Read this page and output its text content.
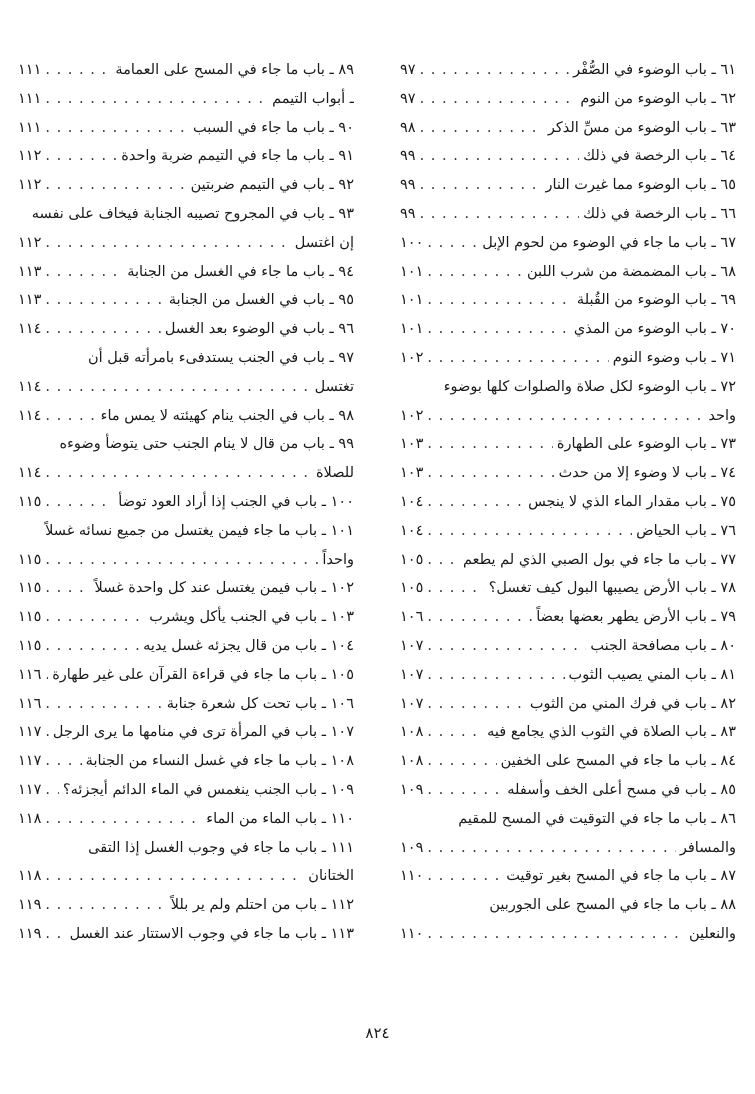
٦١ ـ باب الوضوء في الصُّفْر
. . .
٩٧
٦٢ ـ باب الوضوء من النوم
. . .
٩٧
٦٣ ـ باب الوضوء من مسِّ الذكر
. . .
٩٨
٦٤ ـ باب الرخصة في ذلك
. . .
٩٩
٦٥ ـ باب الوضوء مما غيرت النار
. . .
٩٩
٦٦ ـ باب الرخصة في ذلك
. . .
٩٩
٦٧ ـ باب ما جاء في الوضوء من لحوم الإبل
. . .
١٠٠
٦٨ ـ باب المضمضة من شرب اللبن
. . .
١٠١
٦٩ ـ باب الوضوء من القُبلة
. . .
١٠١
٧٠ ـ باب الوضوء من المذي
. . .
١٠١
٧١ ـ باب وضوء النوم
. . .
١٠٢
٧٢ ـ باب الوضوء لكل صلاة والصلوات كلها بوضوء
واحد
. . .
١٠٢
٧٣ ـ باب الوضوء على الطهارة
. . .
١٠٣
٧٤ ـ باب لا وضوء إلا من حدث
. . .
١٠٣
٧٥ ـ باب مقدار الماء الذي لا ينجس
. . .
١٠٤
٧٦ ـ باب الحياض
. . .
١٠٤
٧٧ ـ باب ما جاء في بول الصبي الذي لم يطعم
. . .
١٠٥
٧٨ ـ باب الأرض يصيبها البول كيف تغسل؟
. . .
١٠٥
٧٩ ـ باب الأرض يطهر بعضها بعضاً
. . .
١٠٦
٨٠ ـ باب مصافحة الجنب
. . .
١٠٧
٨١ ـ باب المني يصيب الثوب
. . .
١٠٧
٨٢ ـ باب في فرك المني من الثوب
. . .
١٠٧
٨٣ ـ باب الصلاة في الثوب الذي يجامع فيه
. . .
١٠٨
٨٤ ـ باب ما جاء في المسح على الخفين
. . .
١٠٨
٨٥ ـ باب في مسح أعلى الخف وأسفله
. . .
١٠٩
٨٦ ـ باب ما جاء في التوقيت في المسح للمقيم
والمسافر
. . .
١٠٩
٨٧ ـ باب ما جاء في المسح بغير توقيت
. . .
١١٠
٨٨ ـ باب ما جاء في المسح على الجوربين
والنعلين
. . .
١١٠
٨٩ ـ باب ما جاء في المسح على العمامة
. . .
١١١
ـ أبواب التيمم
. . .
١١١
٩٠ ـ باب ما جاء في السبب
. . .
١١١
٩١ ـ باب ما جاء في التيمم ضربة واحدة
. . .
١١٢
٩٢ ـ باب في التيمم ضربتين
. . .
١١٢
٩٣ ـ باب في المجروح تصيبه الجنابة فيخاف على نفسه
إن اغتسل
. . .
١١٢
٩٤ ـ باب ما جاء في الغسل من الجنابة
. . .
١١٣
٩٥ ـ باب في الغسل من الجنابة
. . .
١١٣
٩٦ ـ باب في الوضوء بعد الغسل
. . .
١١٤
٩٧ ـ باب في الجنب يستدفىء بامرأته قبل أن
تغتسل
. . .
١١٤
٩٨ ـ باب في الجنب ينام كهيئته لا يمس ماء
. . .
١١٤
٩٩ ـ باب من قال لا ينام الجنب حتى يتوضأ وضوءه
للصلاة
. . .
١١٤
١٠٠ ـ باب في الجنب إذا أراد العود توضأ
. . .
١١٥
١٠١ ـ باب ما جاء فيمن يغتسل من جميع نسائه غسلاً
واحداً
. . .
١١٥
١٠٢ ـ باب فيمن يغتسل عند كل واحدة غسلاً
. . .
١١٥
١٠٣ ـ باب في الجنب يأكل ويشرب
. . .
١١٥
١٠٤ ـ باب من قال يجزئه غسل يديه
. . .
١١٥
١٠٥ ـ باب ما جاء في قراءة القرآن على غير طهارة
. . .
١١٦
١٠٦ ـ باب تحت كل شعرة جنابة
. . .
١١٦
١٠٧ ـ باب في المرأة ترى في منامها ما يرى الرجل
. . .
١١٧
١٠٨ ـ باب ما جاء في غسل النساء من الجنابة
. . .
١١٧
١٠٩ ـ باب الجنب ينغمس في الماء الدائم أيجزئه؟
. . .
١١٧
١١٠ ـ باب الماء من الماء
. . .
١١٨
١١١ ـ باب ما جاء في وجوب الغسل إذا التقى
الختانان
. . .
١١٨
١١٢ ـ باب من احتلم ولم ير بللاً
. . .
١١٩
١١٣ ـ باب ما جاء في وجوب الاستتار عند الغسل
. . .
١١٩
٨٢٤
